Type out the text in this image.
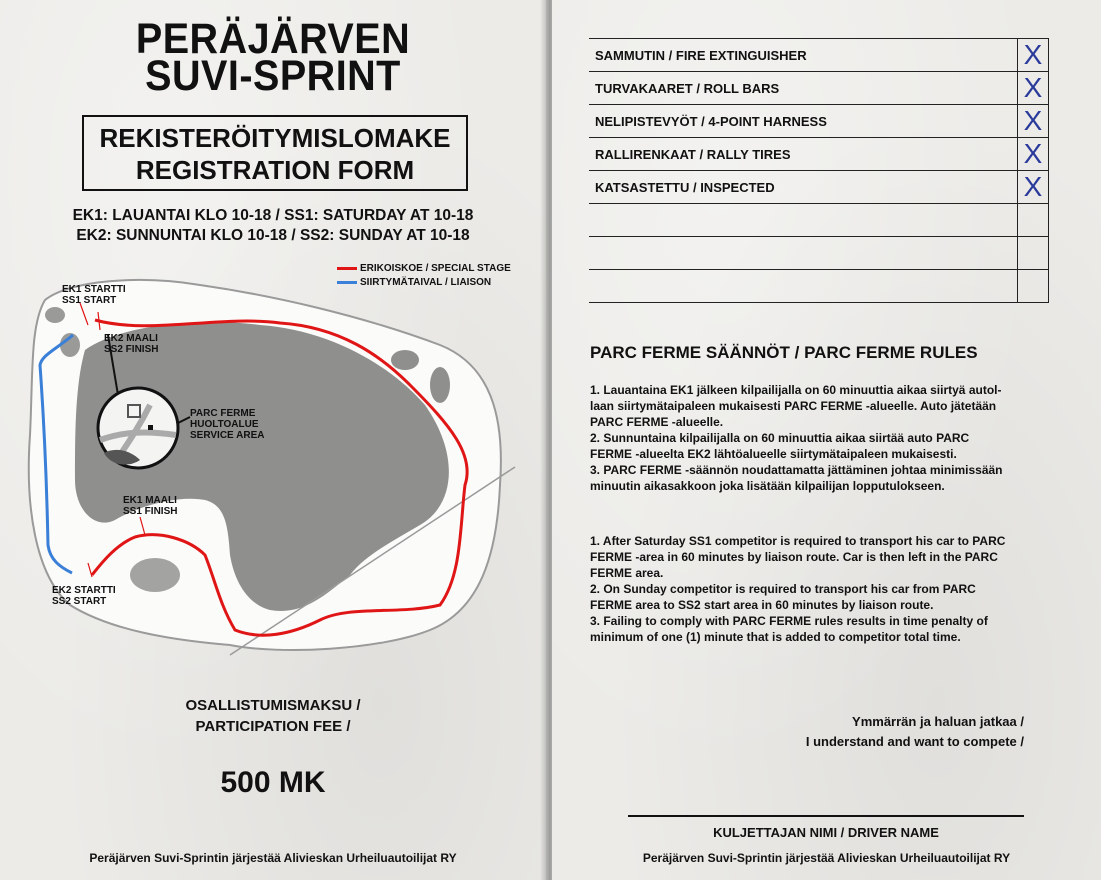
PERÄJÄRVEN
SUVI-SPRINT
REKISTERÖITYMISLOMAKE
REGISTRATION FORM
EK1: LAUANTAI KLO 10-18 / SS1: SATURDAY AT 10-18
EK2: SUNNUNTAI KLO 10-18 / SS2: SUNDAY AT 10-18
ERIKOISKOE / SPECIAL STAGE
SIIRTYMÄTAIVAL / LIAISON
EK1 STARTTI
SS1 START
EK2 MAALI
SS2 FINISH
PARC FERME
HUOLTOALUE
SERVICE AREA
EK1 MAALI
SS1 FINISH
EK2 STARTTI
SS2 START
OSALLISTUMISMAKSU /
PARTICIPATION FEE /
500 MK
Peräjärven Suvi-Sprintin järjestää Alivieskan Urheiluautoilijat RY
SAMMUTIN / FIRE EXTINGUISHER	X
TURVAKAARET / ROLL BARS	X
NELIPISTEVYÖT / 4-POINT HARNESS	X
RALLIRENKAAT / RALLY TIRES	X
KATSASTETTU / INSPECTED	X

PARC FERME SÄÄNNÖT / PARC FERME RULES

1. Lauantaina EK1 jälkeen kilpailijalla on 60 minuuttia aikaa siirtyä autol-

laan siirtymätaipaleen mukaisesti PARC FERME -alueelle. Auto jätetään

PARC FERME -alueelle.

2. Sunnuntaina kilpailijalla on 60 minuuttia aikaa siirtää auto PARC

FERME -alueelta EK2 lähtöalueelle siirtymätaipaleen mukaisesti.

3. PARC FERME -säännön noudattamatta jättäminen johtaa minimissään

minuutin aikasakkoon joka lisätään kilpailijan lopputulokseen.

1. After Saturday SS1 competitor is required to transport his car to PARC

FERME -area in 60 minutes by liaison route. Car is then left in the PARC

FERME area.

2. On Sunday competitor is required to transport his car from PARC

FERME area to SS2 start area in 60 minutes by liaison route.

3. Failing to comply with PARC FERME rules results in time penalty of

minimum of one (1) minute that is added to competitor total time.

Ymmärrän ja haluan jatkaa /
I understand and want to compete /
KULJETTAJAN NIMI / DRIVER NAME
Peräjärven Suvi-Sprintin järjestää Alivieskan Urheiluautoilijat RY
